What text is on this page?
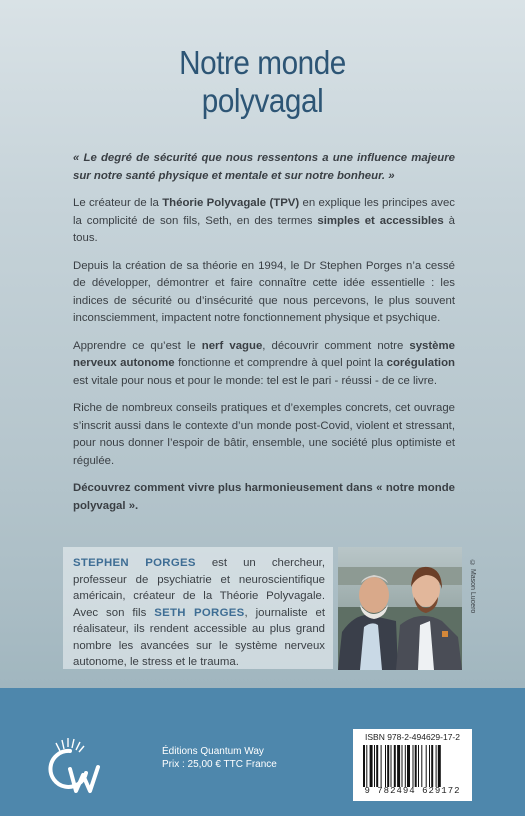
Notre monde
polyvagal

« Le degré de sécurité que nous ressentons a une influence majeure sur notre santé physique et mentale et sur notre bonheur. »

Le créateur de la Théorie Polyvagale (TPV) en explique les principes avec la complicité de son fils, Seth, en des termes simples et accessibles à tous.

Depuis la création de sa théorie en 1994, le Dr Stephen Porges n’a cessé de développer, démontrer et faire connaître cette idée essentielle : les indices de sécurité ou d’insécurité que nous percevons, le plus souvent inconsciemment, impactent notre fonctionnement physique et psychique.

Apprendre ce qu’est le nerf vague, découvrir comment notre système nerveux autonome fonctionne et comprendre à quel point la corégulation est vitale pour nous et pour le monde: tel est le pari - réussi - de ce livre.

Riche de nombreux conseils pratiques et d’exemples concrets, cet ouvrage s’inscrit aussi dans le contexte d’un monde post-Covid, violent et stressant, pour nous donner l’espoir de bâtir, ensemble, une société plus optimiste et régulée.

Découvrez comment vivre plus harmonieusement dans « notre monde polyvagal ».

STEPHEN PORGES est un chercheur, professeur de psychiatrie et neuroscientifique américain, créateur de la Théorie Polyvagale. Avec son fils SETH PORGES, journaliste et réalisateur, ils rendent accessible au plus grand nombre les avancées sur le système nerveux autonome, le stress et le trauma.
© Mason Lucero
Éditions Quantum Way
Prix : 25,00 € TTC France
ISBN 978-2-494629-17-2
9 782494 629172
